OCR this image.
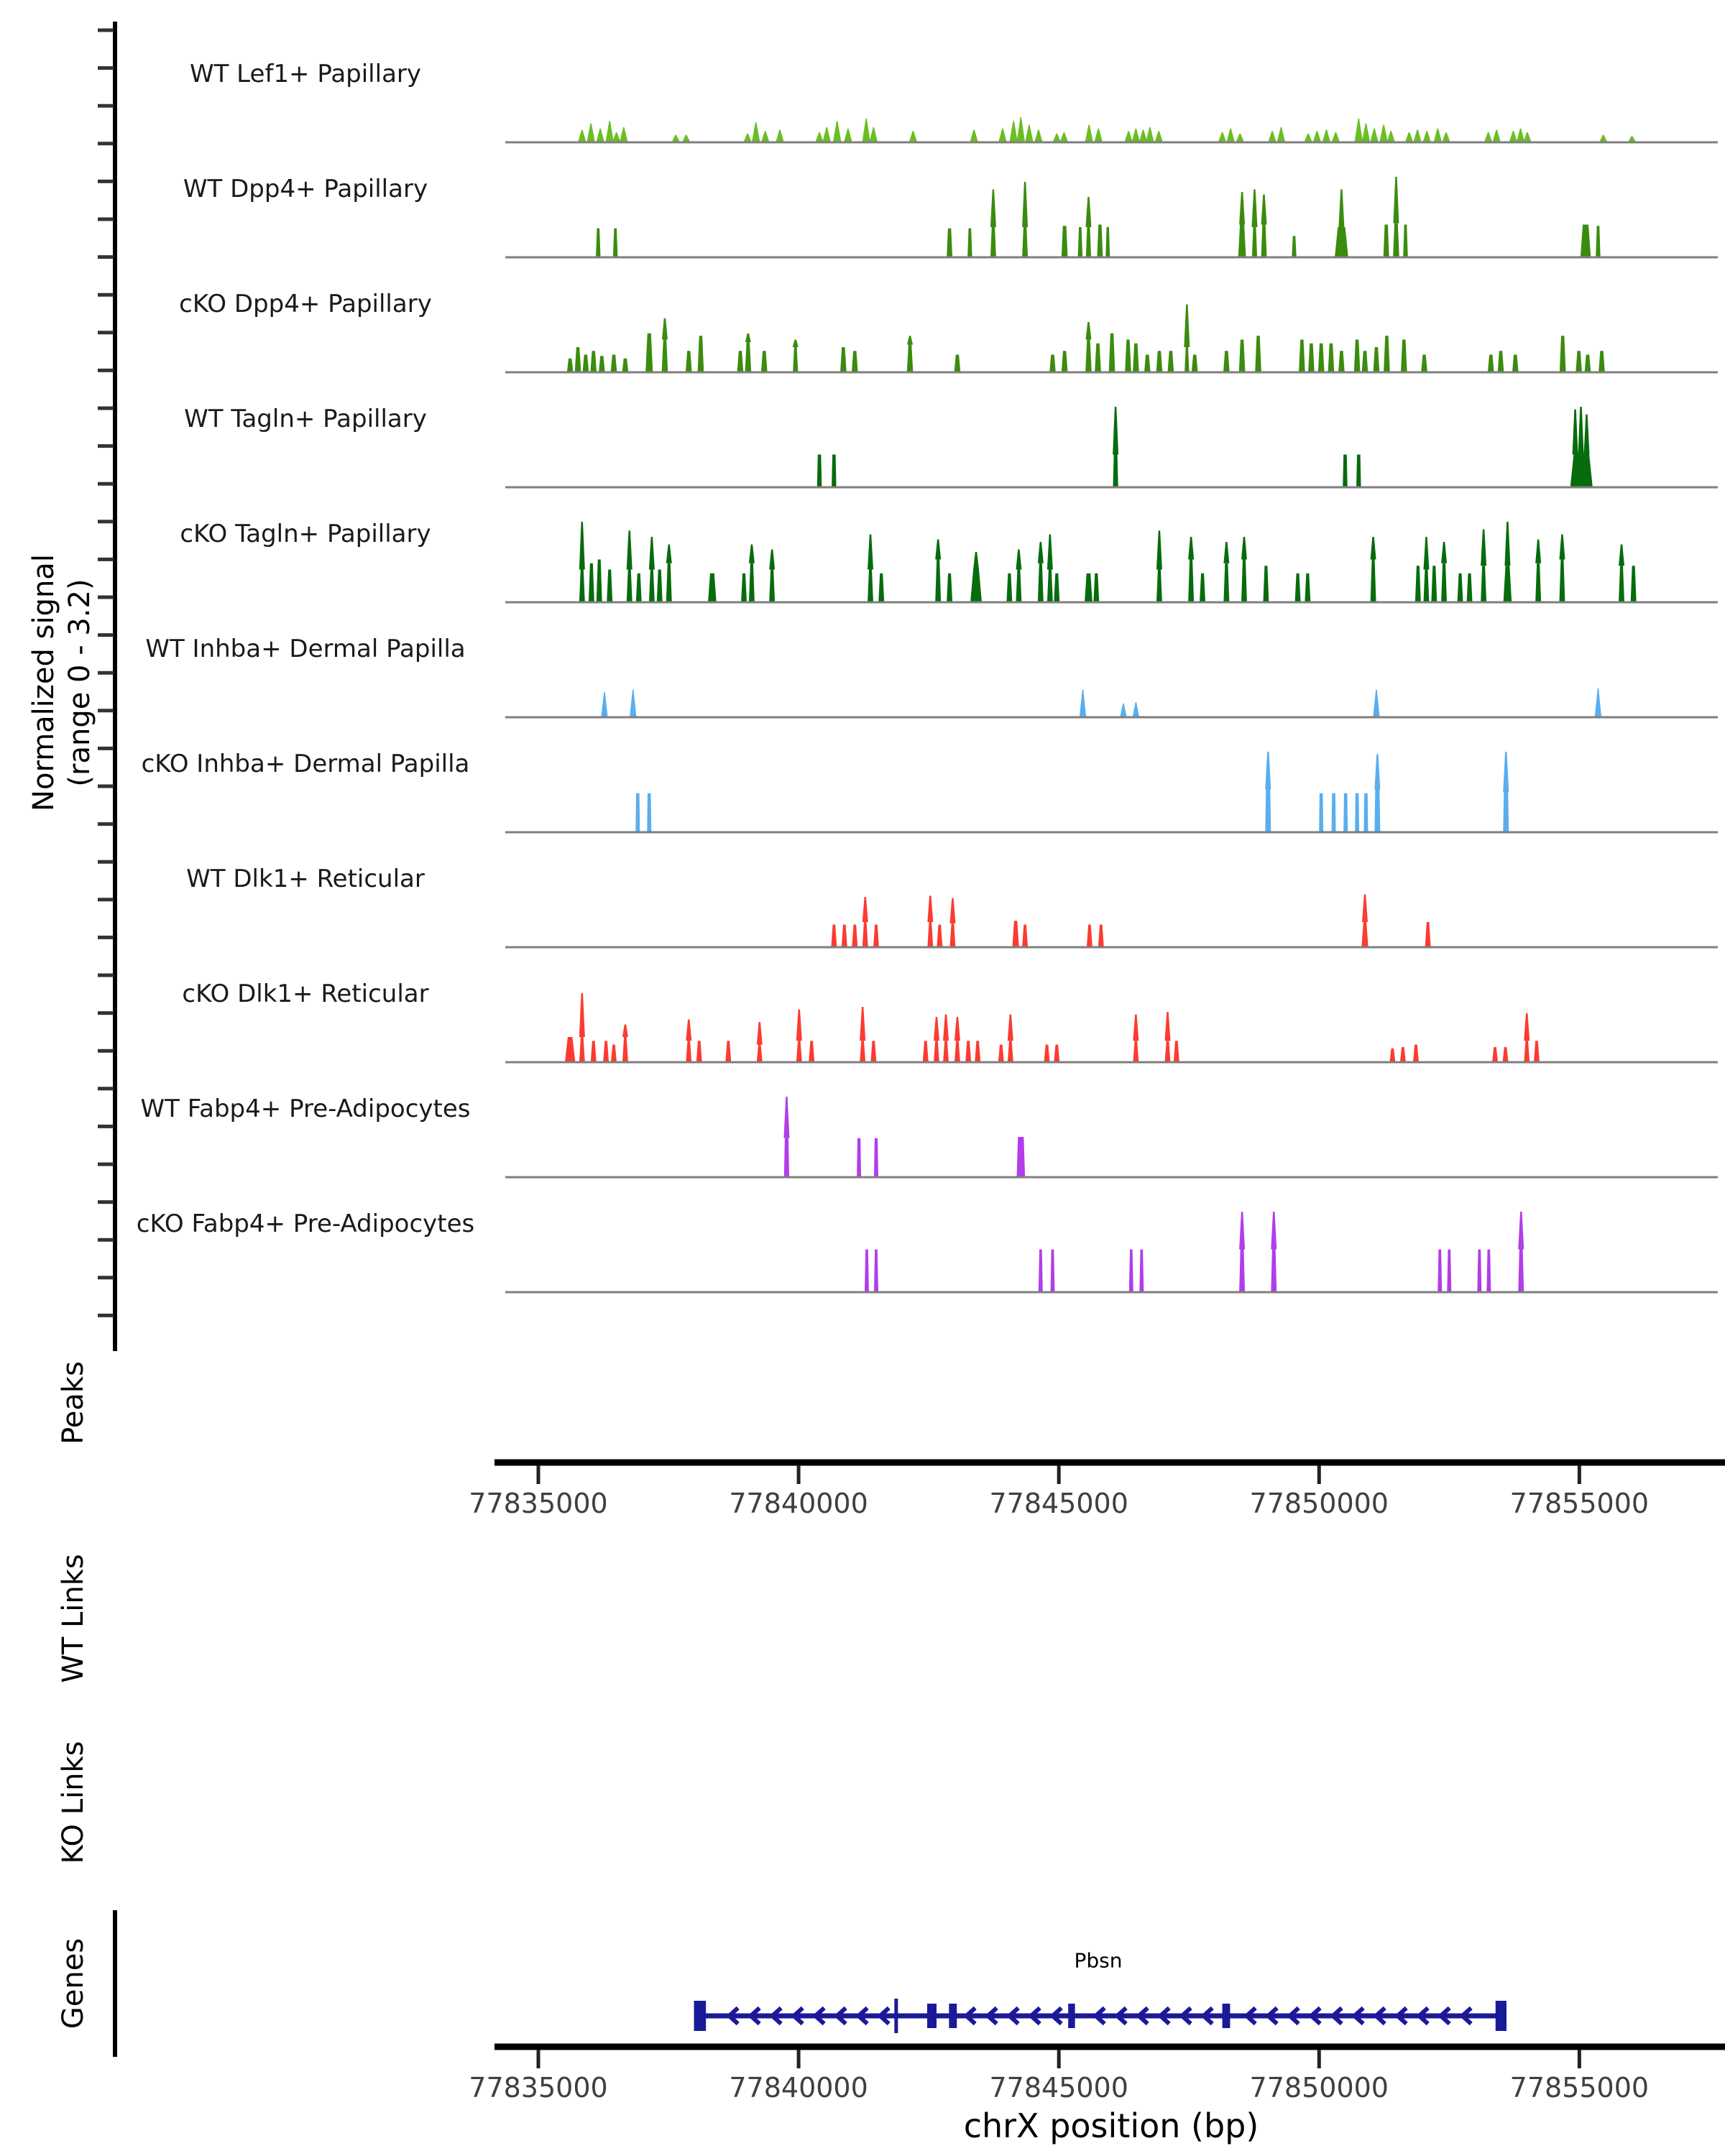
Normalized signal (range 0 - 3.2)
Peaks
WT Links
KO Links
Genes	Pbsn
chrX position (bp)
77835000	77840000	77845000	77850000	77855000
77835000	77840000	77845000	77850000	77855000
WT Lef1+ Papillary
WT Dpp4+ Papillary
cKO Dpp4+ Papillary
WT Tagln+ Papillary
cKO Tagln+ Papillary
WT Inhba+ Dermal Papilla
cKO Inhba+ Dermal Papilla
WT Dlk1+ Reticular
cKO Dlk1+ Reticular
WT Fabp4+ Pre-Adipocytes
cKO Fabp4+ Pre-Adipocytes
